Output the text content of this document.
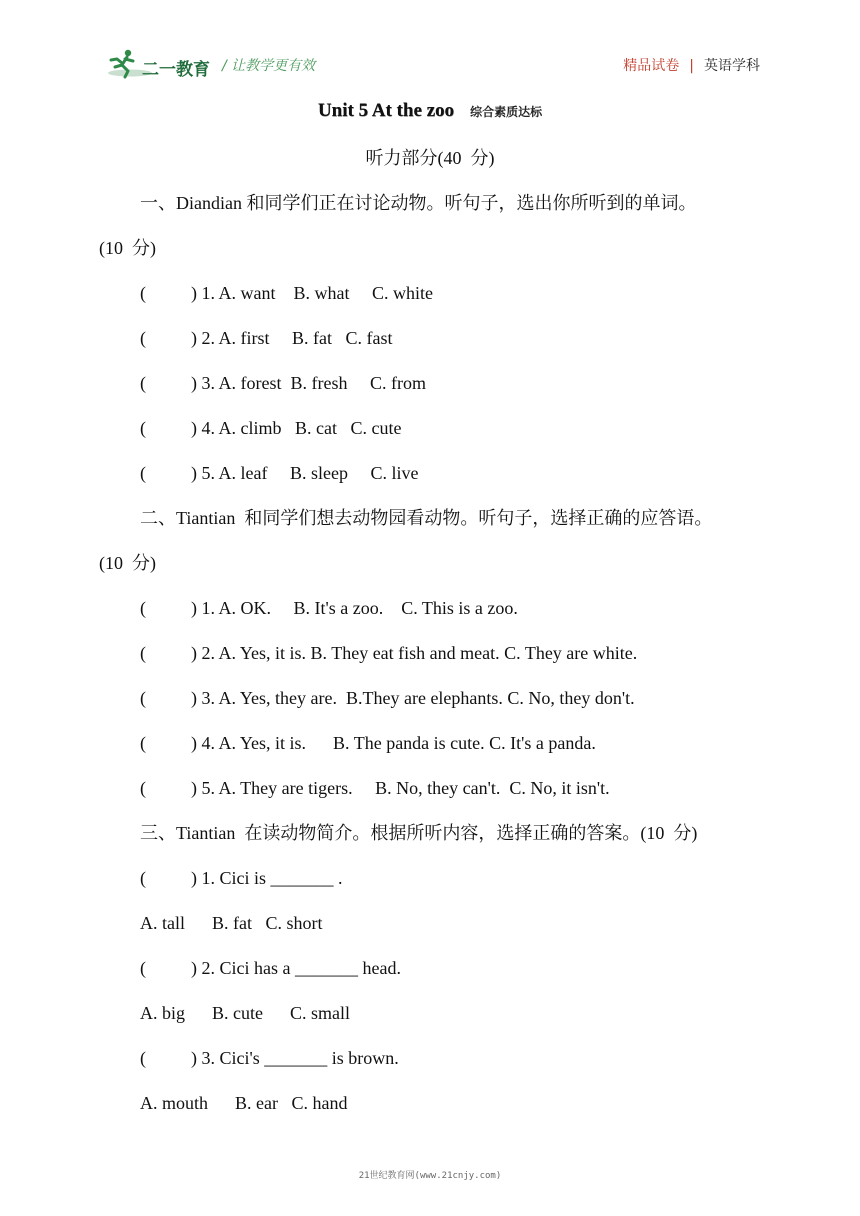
二一教育 / 让教学更有效	精品试卷 | 英语学科
Unit 5 At the zoo 综合素质达标
听力部分(40  分)
一、Diandian 和同学们正在讨论动物。听句子，选出你所听到的单词。
(10  分)
(          ) 1. A. want    B. what     C. white
(          ) 2. A. first     B. fat   C. fast
(          ) 3. A. forest  B. fresh     C. from
(          ) 4. A. climb   B. cat   C. cute
(          ) 5. A. leaf     B. sleep     C. live
二、Tiantian  和同学们想去动物园看动物。听句子，选择正确的应答语。
(10  分)
(          ) 1. A. OK.     B. It's a zoo.    C. This is a zoo.
(          ) 2. A. Yes, it is. B. They eat fish and meat. C. They are white.
(          ) 3. A. Yes, they are.  B.They are elephants. C. No, they don't.
(          ) 4. A. Yes, it is.      B. The panda is cute. C. It's a panda.
(          ) 5. A. They are tigers.     B. No, they can't.  C. No, it isn't.
三、Tiantian  在读动物简介。根据所听内容，选择正确的答案。(10  分)
(          ) 1. Cici is _______ .
A. tall      B. fat   C. short
(          ) 2. Cici has a _______ head.
A. big      B. cute      C. small
(          ) 3. Cici's _______ is brown.
A. mouth      B. ear   C. hand
21世纪教育网(www.21cnjy.com)
